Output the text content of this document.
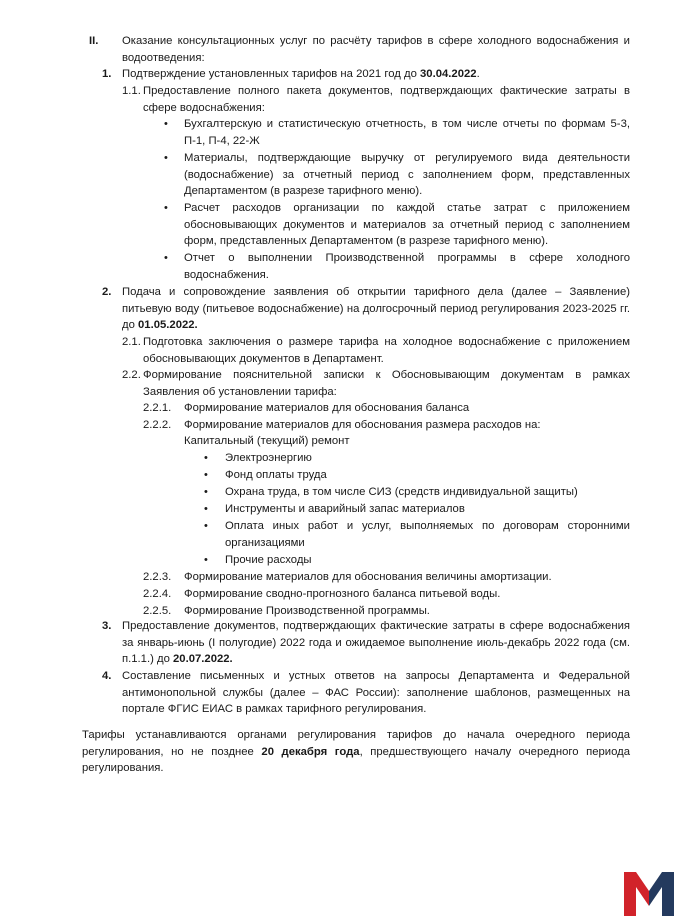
II. Оказание консультационных услуг по расчёту тарифов в сфере холодного водоснабжения и водоотведения:
1. Подтверждение установленных тарифов на 2021 год до 30.04.2022.
1.1. Предоставление полного пакета документов, подтверждающих фактические затраты в сфере водоснабжения:
• Бухгалтерскую и статистическую отчетность, в том числе отчеты по формам 5-3, П-1, П-4, 22-Ж
• Материалы, подтверждающие выручку от регулируемого вида деятельности (водоснабжение) за отчетный период с заполнением форм, представленных Департаментом (в разрезе тарифного меню).
• Расчет расходов организации по каждой статье затрат с приложением обосновывающих документов и материалов за отчетный период с заполнением форм, представленных Департаментом (в разрезе тарифного меню).
• Отчет о выполнении Производственной программы в сфере холодного водоснабжения.
2. Подача и сопровождение заявления об открытии тарифного дела (далее – Заявление) питьевую воду (питьевое водоснабжение) на долгосрочный период регулирования 2023-2025 гг. до 01.05.2022.
2.1. Подготовка заключения о размере тарифа на холодное водоснабжение с приложением обосновывающих документов в Департамент.
2.2. Формирование пояснительной записки к Обосновывающим документам в рамках Заявления об установлении тарифа:
2.2.1. Формирование материалов для обоснования баланса
2.2.2. Формирование материалов для обоснования размера расходов на:
Капитальный (текущий) ремонт
• Электроэнергию
• Фонд оплаты труда
• Охрана труда, в том числе СИЗ (средств индивидуальной защиты)
• Инструменты и аварийный запас материалов
• Оплата иных работ и услуг, выполняемых по договорам сторонними организациями
• Прочие расходы
2.2.3. Формирование материалов для обоснования величины амортизации.
2.2.4. Формирование сводно-прогнозного баланса питьевой воды.
2.2.5. Формирование Производственной программы.
3. Предоставление документов, подтверждающих фактические затраты в сфере водоснабжения за январь-июнь (I полугодие) 2022 года и ожидаемое выполнение июль-декабрь 2022 года (см. п.1.1.) до 20.07.2022.
4. Составление письменных и устных ответов на запросы Департамента и Федеральной антимонопольной службы (далее – ФАС России): заполнение шаблонов, размещенных на портале ФГИС ЕИАС в рамках тарифного регулирования.
Тарифы устанавливаются органами регулирования тарифов до начала очередного периода регулирования, но не позднее 20 декабря года, предшествующего началу очередного периода регулирования.
